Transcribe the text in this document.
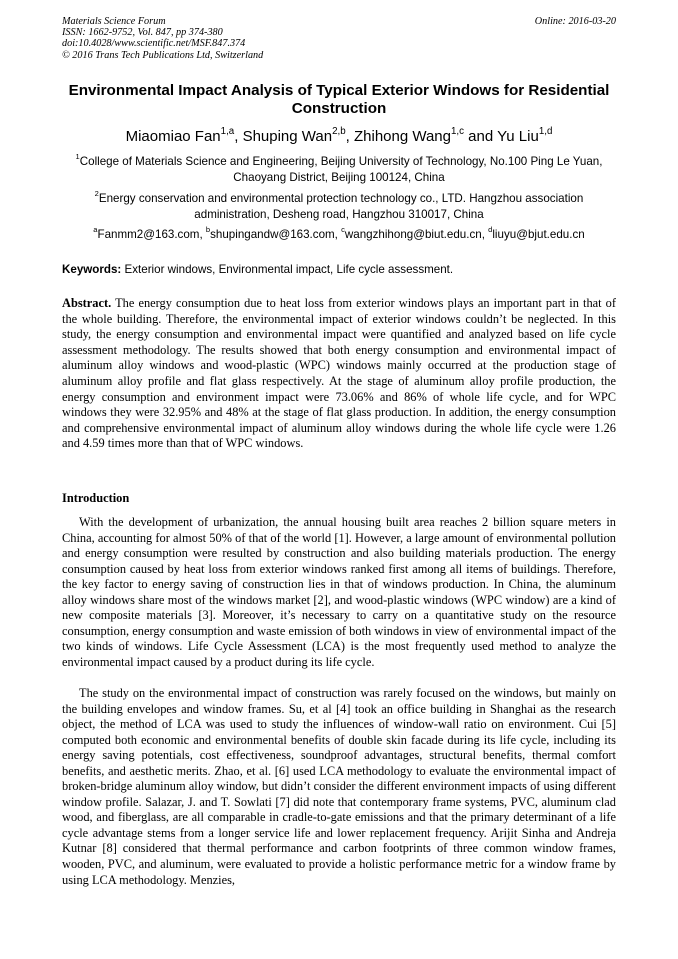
Materials Science Forum
ISSN: 1662-9752, Vol. 847, pp 374-380
doi:10.4028/www.scientific.net/MSF.847.374
© 2016 Trans Tech Publications Ltd, Switzerland
Online: 2016-03-20
Environmental Impact Analysis of Typical Exterior Windows for Residential Construction
Miaomiao Fan$^{1,a}$, Shuping Wan$^{2,b}$, Zhihong Wang$^{1,c}$ and Yu Liu$^{1,d}$
$^1$College of Materials Science and Engineering, Beijing University of Technology, No.100 Ping Le Yuan, Chaoyang District, Beijing 100124, China
$^2$Energy conservation and environmental protection technology co., LTD. Hangzhou association administration, Desheng road, Hangzhou 310017, China
$^a$Fanmm2@163.com, $^b$shupingandw@163.com, $^c$wangzhihong@biut.edu.cn, $^d$liuyu@bjut.edu.cn
Keywords: Exterior windows, Environmental impact, Life cycle assessment.
Abstract. The energy consumption due to heat loss from exterior windows plays an important part in that of the whole building. Therefore, the environmental impact of exterior windows couldn’t be neglected. In this study, the energy consumption and environmental impact were quantified and analyzed based on life cycle assessment methodology. The results showed that both energy consumption and environmental impact of aluminum alloy windows and wood-plastic (WPC) windows mainly occurred at the production stage of aluminum alloy profile and flat glass respectively. At the stage of aluminum alloy profile production, the energy consumption and environment impact were 73.06% and 86% of whole life cycle, and for WPC windows they were 32.95% and 48% at the stage of flat glass production. In addition, the energy consumption and comprehensive environmental impact of aluminum alloy windows during the whole life cycle were 1.26 and 4.59 times more than that of WPC windows.
Introduction
With the development of urbanization, the annual housing built area reaches 2 billion square meters in China, accounting for almost 50% of that of the world [1]. However, a large amount of environmental pollution and energy consumption were resulted by construction and also building materials production. The energy consumption caused by heat loss from exterior windows ranked first among all items of buildings. Therefore, the key factor to energy saving of construction lies in that of windows production. In China, the aluminum alloy windows share most of the windows market [2], and wood-plastic windows (WPC window) are a kind of new composite materials [3]. Moreover, it’s necessary to carry on a quantitative study on the resource consumption, energy consumption and waste emission of both windows in view of environmental impact of the two kinds of windows. Life Cycle Assessment (LCA) is the most frequently used method to analyze the environmental impact caused by a product during its life cycle.
The study on the environmental impact of construction was rarely focused on the windows, but mainly on the building envelopes and window frames. Su, et al [4] took an office building in Shanghai as the research object, the method of LCA was used to study the influences of window-wall ratio on environment. Cui [5] computed both economic and environmental benefits of double skin facade during its life cycle, including its energy saving potentials, cost effectiveness, soundproof advantages, structural benefits, thermal comfort benefits, and aesthetic merits. Zhao, et al. [6] used LCA methodology to evaluate the environmental impact of broken-bridge aluminum alloy window, but didn’t consider the different environment impacts of using different window profile. Salazar, J. and T. Sowlati [7] did note that contemporary frame systems, PVC, aluminum clad wood, and fiberglass, are all comparable in cradle-to-gate emissions and that the primary determinant of a life cycle advantage stems from a longer service life and lower replacement frequency. Arijit Sinha and Andreja Kutnar [8] considered that thermal performance and carbon footprints of three common window frames, wooden, PVC, and aluminum, were evaluated to provide a holistic performance metric for a window frame by using LCA methodology. Menzies,
